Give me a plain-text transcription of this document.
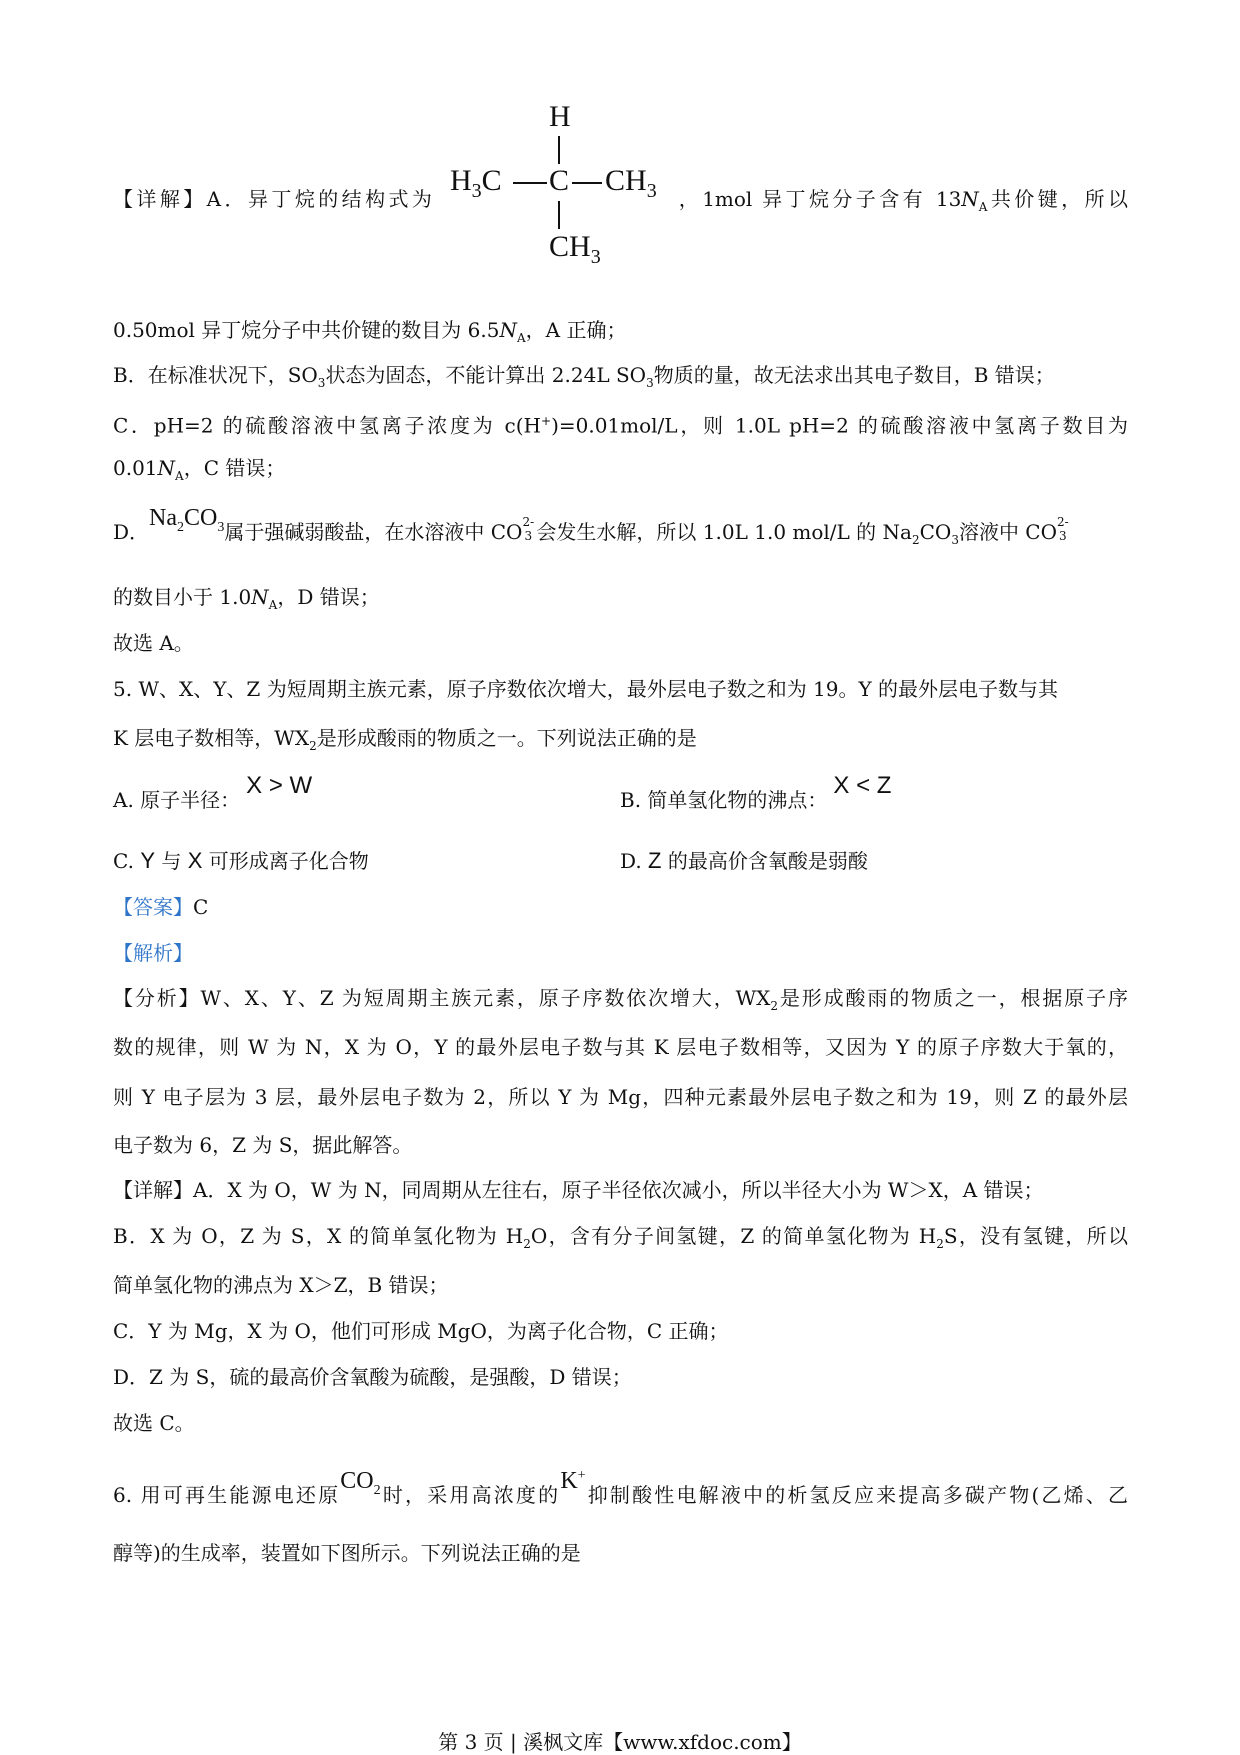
【详解】A．异丁烷的结构式为	，1mol 异丁烷分子含有 $13N_A$共价键，所以
H
$H_3C$ C $CH_3$
$CH_3$
0.50mol 异丁烷分子中共价键的数目为 $6.5N_A$，A 正确；
B．在标准状况下，$SO_3$状态为固态，不能计算出 2.24L $SO_3$物质的量，故无法求出其电子数目，B 错误；
C．pH=2 的硫酸溶液中氢离子浓度为 c(H+)=0.01mol/L，则 1.0L pH=2 的硫酸溶液中氢离子数目为
$0.01N_A$，C 错误；
D．$Na_2CO_3$属于强碱弱酸盐，在水溶液中 CO 2-
3 会发生水解，所以 1.0L 1.0 mol/L 的 $Na_2CO_3$溶液中 CO 2-
3
的数目小于 $1.0N_A$，D 错误；
故选 A。
5. W、X、Y、Z 为短周期主族元素，原子序数依次增大，最外层电子数之和为 19。Y 的最外层电子数与其
K 层电子数相等，$WX_2$是形成酸雨的物质之一。下列说法正确的是
A. 原子半径：X > W
B. 简单氢化物的沸点：X < Z
C. Y 与 X 可形成离子化合物	D. Z 的最高价含氧酸是弱酸
【答案】C
【解析】
【分析】W、X、Y、Z 为短周期主族元素，原子序数依次增大，$WX_2$是形成酸雨的物质之一，根据原子序
数的规律，则 W 为 N，X 为 O，Y 的最外层电子数与其 K 层电子数相等，又因为 Y 的原子序数大于氧的，
则 Y 电子层为 3 层，最外层电子数为 2，所以 Y 为 Mg，四种元素最外层电子数之和为 19，则 Z 的最外层
电子数为 6，Z 为 S，据此解答。
【详解】A．X 为 O，W 为 N，同周期从左往右，原子半径依次减小，所以半径大小为 W＞X，A 错误；
B．X 为 O，Z 为 S，X 的简单氢化物为 $H_2O$，含有分子间氢键，Z 的简单氢化物为 $H_2S$，没有氢键，所以
简单氢化物的沸点为 X＞Z，B 错误；
C．Y 为 Mg，X 为 O，他们可形成 MgO，为离子化合物，C 正确；
D．Z 为 S，硫的最高价含氧酸为硫酸，是强酸，D 错误；
故选 C。
6. 用可再生能源电还原$CO_2$时，采用高浓度的K+抑制酸性电解液中的析氢反应来提高多碳产物(乙烯、乙
醇等)的生成率，装置如下图所示。下列说法正确的是
第 3 页 | 溪枫文库【www.xfdoc.com】
